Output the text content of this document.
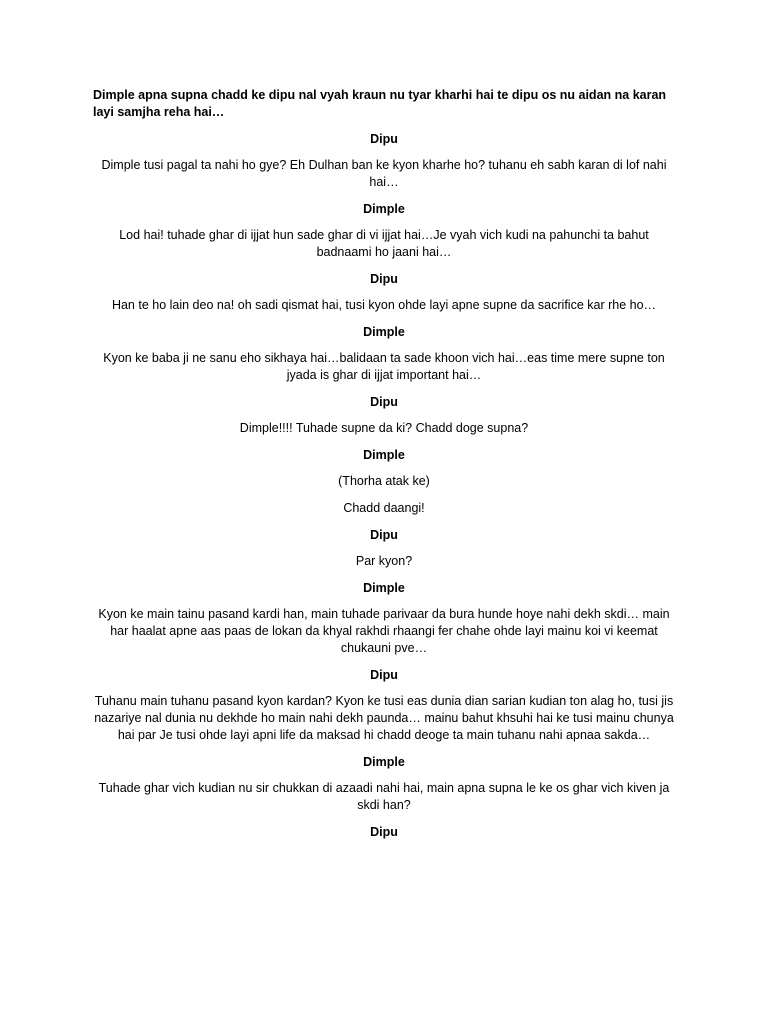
Dimple apna supna chadd ke dipu nal vyah kraun nu tyar kharhi hai te dipu os nu aidan na karan layi samjha reha hai…

Dipu

Dimple tusi pagal ta nahi ho gye? Eh Dulhan ban ke kyon kharhe ho? tuhanu eh sabh karan di lof nahi hai…

Dimple

Lod hai! tuhade ghar di ijjat hun sade ghar di vi ijjat hai…Je vyah vich kudi na pahunchi ta bahut badnaami ho jaani hai…

Dipu

Han te ho lain deo na! oh sadi qismat hai, tusi kyon ohde layi apne supne da sacrifice kar rhe ho…

Dimple

Kyon ke baba ji ne sanu eho sikhaya hai…balidaan ta sade khoon vich hai…eas time mere supne ton jyada is ghar di ijjat important hai…

Dipu

Dimple!!!! Tuhade supne da ki? Chadd doge supna?

Dimple

(Thorha atak ke)

Chadd daangi!

Dipu

Par kyon?

Dimple

Kyon ke main tainu pasand kardi han, main tuhade parivaar da bura hunde hoye nahi dekh skdi… main har haalat apne aas paas de lokan da khyal rakhdi rhaangi fer chahe ohde layi mainu koi vi keemat chukauni pve…

Dipu

Tuhanu main tuhanu pasand kyon kardan? Kyon ke tusi eas dunia dian sarian kudian ton alag ho, tusi jis nazariye nal dunia nu dekhde ho main nahi dekh paunda… mainu bahut khsuhi hai ke tusi mainu chunya hai par Je tusi ohde layi apni life da maksad hi chadd deoge ta main tuhanu nahi apnaa sakda…

Dimple

Tuhade ghar vich kudian nu sir chukkan di azaadi nahi hai, main apna supna le ke os ghar vich kiven ja skdi han?

Dipu
